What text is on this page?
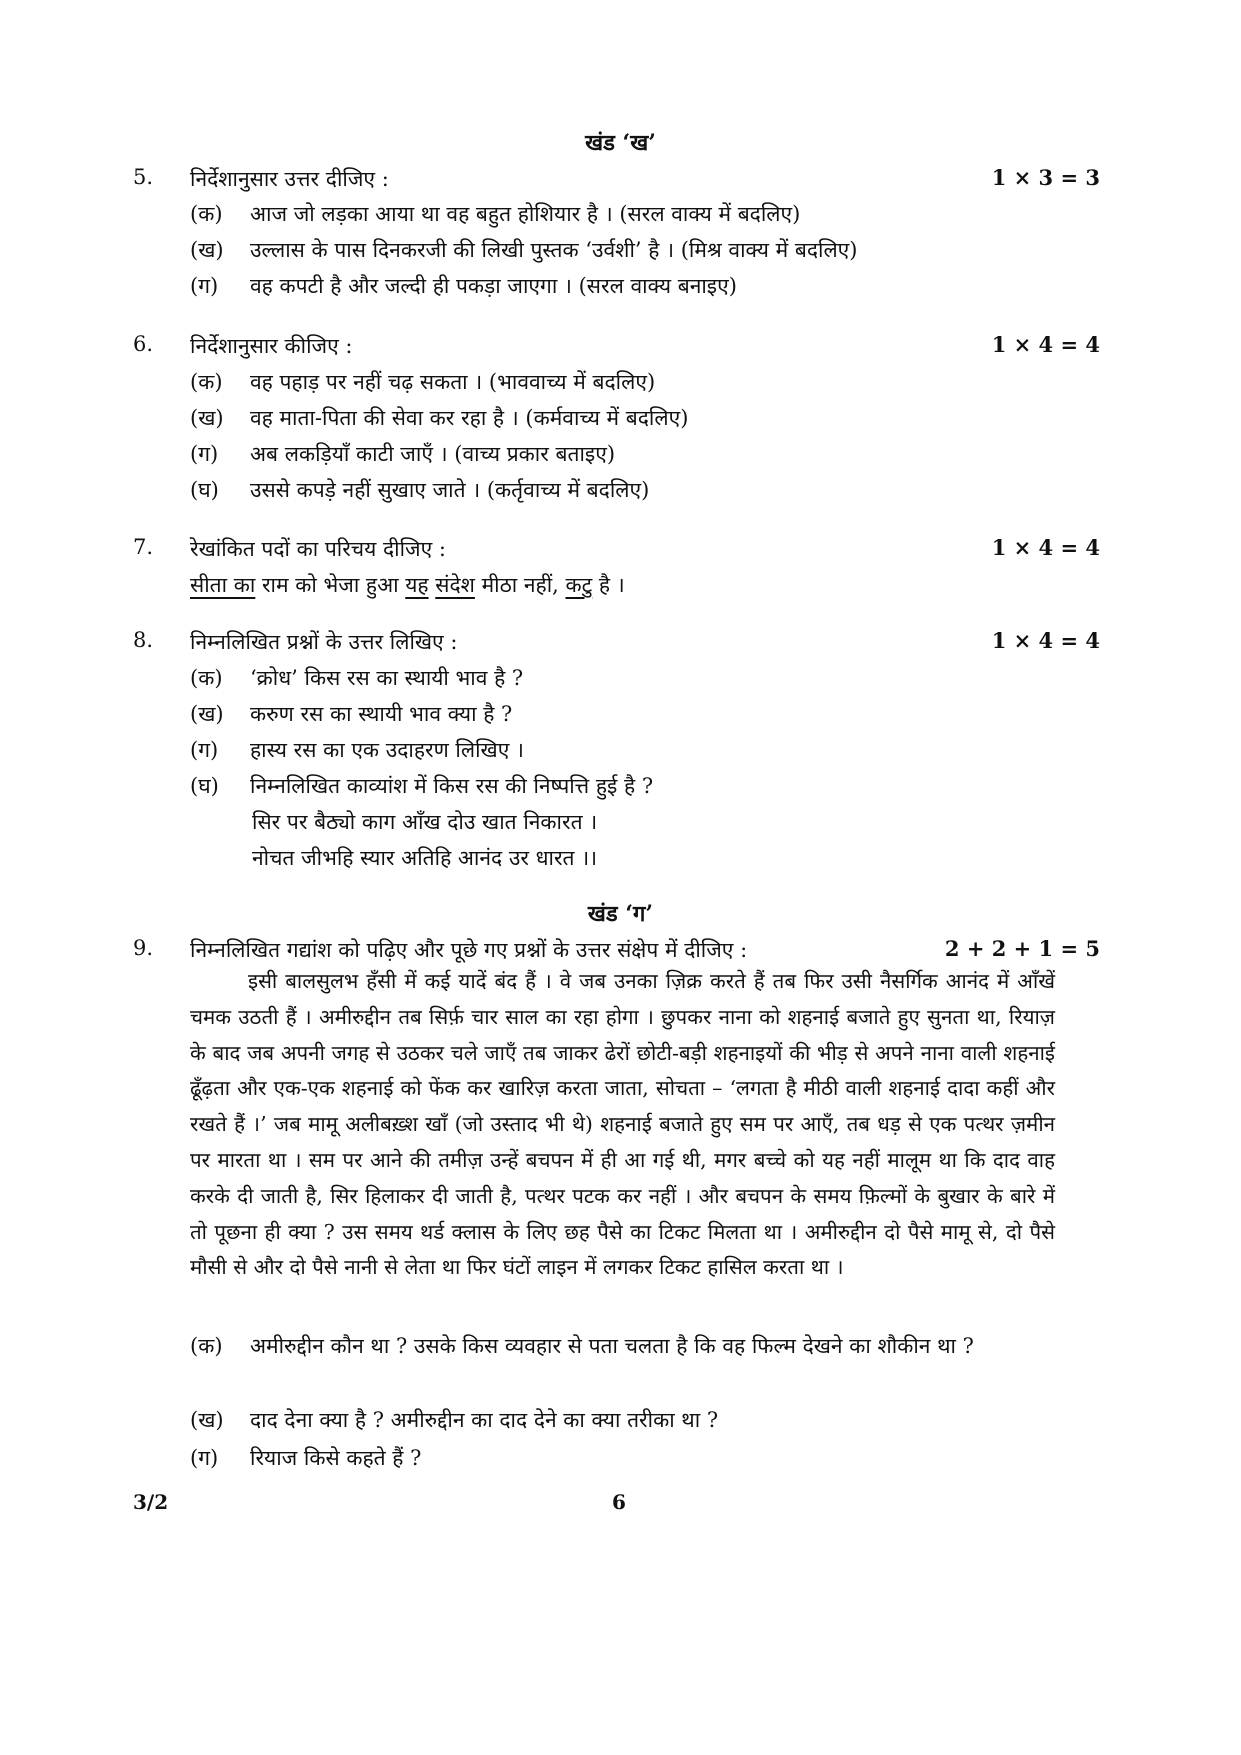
खंड ‘ख’
5. निर्देशानुसार उत्तर दीजिए :	1 × 3 = 3
(क) आज जो लड़का आया था वह बहुत होशियार है । (सरल वाक्य में बदलिए)
(ख) उल्लास के पास दिनकरजी की लिखी पुस्तक ‘उर्वशी’ है । (मिश्र वाक्य में बदलिए)
(ग) वह कपटी है और जल्दी ही पकड़ा जाएगा । (सरल वाक्य बनाइए)
6. निर्देशानुसार कीजिए :	1 × 4 = 4
(क) वह पहाड़ पर नहीं चढ़ सकता । (भाववाच्य में बदलिए)
(ख) वह माता-पिता की सेवा कर रहा है । (कर्मवाच्य में बदलिए)
(ग) अब लकड़ियाँ काटी जाएँ । (वाच्य प्रकार बताइए)
(घ) उससे कपड़े नहीं सुखाए जाते । (कर्तृवाच्य में बदलिए)
7. रेखांकित पदों का परिचय दीजिए :	1 × 4 = 4
सीता का राम को भेजा हुआ यह संदेश मीठा नहीं, कटु है ।
8. निम्नलिखित प्रश्नों के उत्तर लिखिए :	1 × 4 = 4
(क) ‘क्रोध’ किस रस का स्थायी भाव है ?
(ख) करुण रस का स्थायी भाव क्या है ?
(ग) हास्य रस का एक उदाहरण लिखिए ।
(घ) निम्नलिखित काव्यांश में किस रस की निष्पत्ति हुई है ?
सिर पर बैठ्यो काग आँख दोउ खात निकारत ।
नोचत जीभहि स्यार अतिहि आनंद उर धारत ।।
खंड ‘ग’
9. निम्नलिखित गद्यांश को पढ़िए और पूछे गए प्रश्नों के उत्तर संक्षेप में दीजिए :	2 + 2 + 1 = 5
इसी बालसुलभ हँसी में कई यादें बंद हैं । वे जब उनका ज़िक्र करते हैं तब फिर उसी नैसर्गिक आनंद में आँखें चमक उठती हैं । अमीरुद्दीन तब सिर्फ़ चार साल का रहा होगा । छुपकर नाना को शहनाई बजाते हुए सुनता था, रियाज़ के बाद जब अपनी जगह से उठकर चले जाएँ तब जाकर ढेरों छोटी-बड़ी शहनाइयों की भीड़ से अपने नाना वाली शहनाई ढूँढ़ता और एक-एक शहनाई को फेंक कर खारिज़ करता जाता, सोचता – ‘लगता है मीठी वाली शहनाई दादा कहीं और रखते हैं ।’ जब मामू अलीबख़्श खाँ (जो उस्ताद भी थे) शहनाई बजाते हुए सम पर आएँ, तब धड़ से एक पत्थर ज़मीन पर मारता था । सम पर आने की तमीज़ उन्हें बचपन में ही आ गई थी, मगर बच्चे को यह नहीं मालूम था कि दाद वाह करके दी जाती है, सिर हिलाकर दी जाती है, पत्थर पटक कर नहीं । और बचपन के समय फ़िल्मों के बुखार के बारे में तो पूछना ही क्या ? उस समय थर्ड क्लास के लिए छह पैसे का टिकट मिलता था । अमीरुद्दीन दो पैसे मामू से, दो पैसे मौसी से और दो पैसे नानी से लेता था फिर घंटों लाइन में लगकर टिकट हासिल करता था ।
(क) अमीरुद्दीन कौन था ? उसके किस व्यवहार से पता चलता है कि वह फिल्म देखने का शौकीन था ?
(ख) दाद देना क्या है ? अमीरुद्दीन का दाद देने का क्या तरीका था ?
(ग) रियाज किसे कहते हैं ?
3/2	6
